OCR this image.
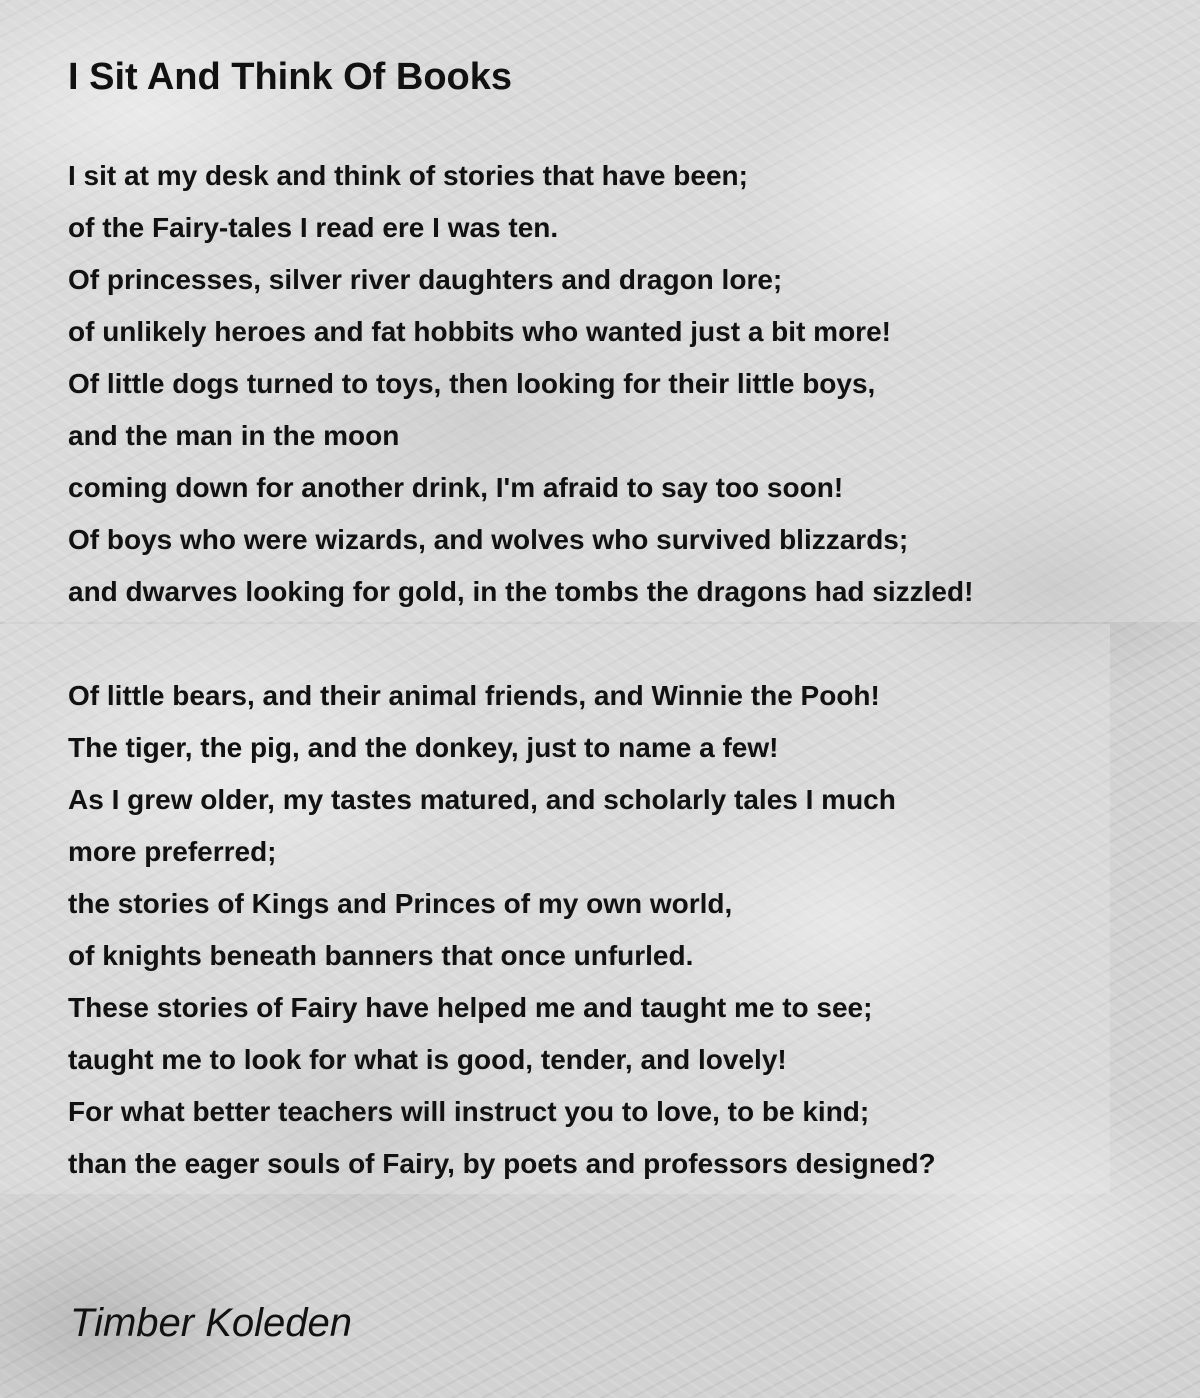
I Sit And Think Of Books
I sit at my desk and think of stories that have been;
of the Fairy-tales I read ere I was ten.
Of princesses, silver river daughters and dragon lore;
of unlikely heroes and fat hobbits who wanted just a bit more!
Of little dogs turned to toys, then looking for their little boys,
and the man in the moon
coming down for another drink, I'm afraid to say too soon!
Of boys who were wizards, and wolves who survived blizzards;
and dwarves looking for gold, in the tombs the dragons had sizzled!
Of little bears, and their animal friends, and Winnie the Pooh!
The tiger, the pig, and the donkey, just to name a few!
As I grew older, my tastes matured, and scholarly tales I much
more preferred;
the stories of Kings and Princes of my own world,
of knights beneath banners that once unfurled.
These stories of Fairy have helped me and taught me to see;
taught me to look for what is good, tender, and lovely!
For what better teachers will instruct you to love, to be kind;
than the eager souls of Fairy, by poets and professors designed?

Timber Koleden
